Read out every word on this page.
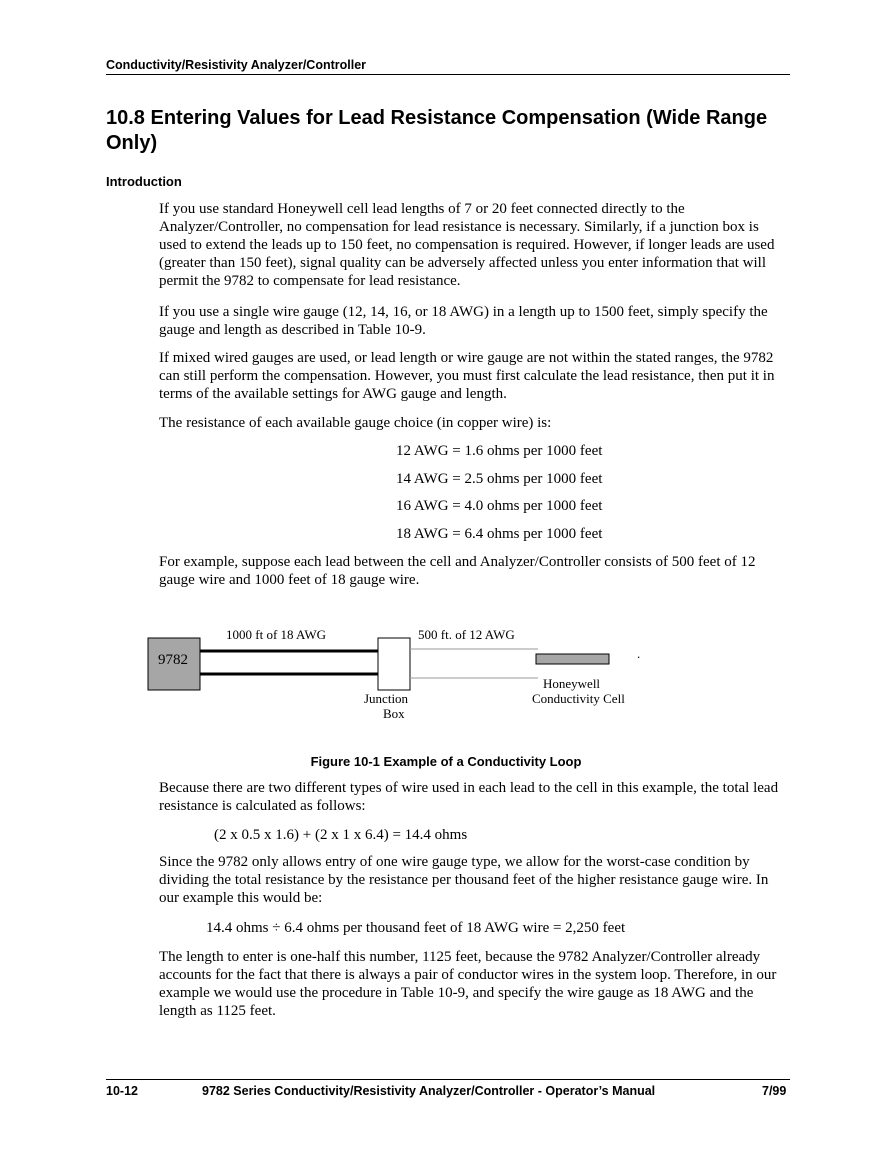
Conductivity/Resistivity Analyzer/Controller
10.8 Entering Values for Lead Resistance Compensation (Wide Range Only)
Introduction

If you use standard Honeywell cell lead lengths of 7 or 20 feet connected directly to the Analyzer/Controller, no compensation for lead resistance is necessary. Similarly, if a junction box is used to extend the leads up to 150 feet, no compensation is required. However, if longer leads are used (greater than 150 feet), signal quality can be adversely affected unless you enter information that will permit the 9782 to compensate for lead resistance.

If you use a single wire gauge (12, 14, 16, or 18 AWG) in a length up to 1500 feet, simply specify the gauge and length as described in Table 10-9.

If mixed wired gauges are used, or lead length or wire gauge are not within the stated ranges, the 9782 can still perform the compensation. However, you must first calculate the lead resistance, then put it in terms of the available settings for AWG gauge and length.

The resistance of each available gauge choice (in copper wire) is:

12 AWG = 1.6 ohms per 1000 feet
14 AWG = 2.5 ohms per 1000 feet
16 AWG = 4.0 ohms per 1000 feet
18 AWG = 6.4 ohms per 1000 feet

For example, suppose each lead between the cell and Analyzer/Controller consists of 500 feet of 12 gauge wire and 1000 feet of 18 gauge wire.

9782
1000 ft of 18 AWG	500 ft. of 12 AWG
Junction
Box
Honeywell
Conductivity Cell
.
Figure 10-1 Example of a Conductivity Loop

Because there are two different types of wire used in each lead to the cell in this example, the total lead resistance is calculated as follows:

(2 x 0.5 x 1.6) + (2 x 1 x 6.4) = 14.4 ohms

Since the 9782 only allows entry of one wire gauge type, we allow for the worst-case condition by dividing the total resistance by the resistance per thousand feet of the higher resistance gauge wire. In our example this would be:

14.4 ohms ÷ 6.4 ohms per thousand feet of 18 AWG wire = 2,250 feet

The length to enter is one-half this number, 1125 feet, because the 9782 Analyzer/Controller already accounts for the fact that there is always a pair of conductor wires in the system loop. Therefore, in our example we would use the procedure in Table 10-9, and specify the wire gauge as 18 AWG and the length as 1125 feet.

10-12	9782 Series Conductivity/Resistivity Analyzer/Controller - Operator’s Manual	7/99
